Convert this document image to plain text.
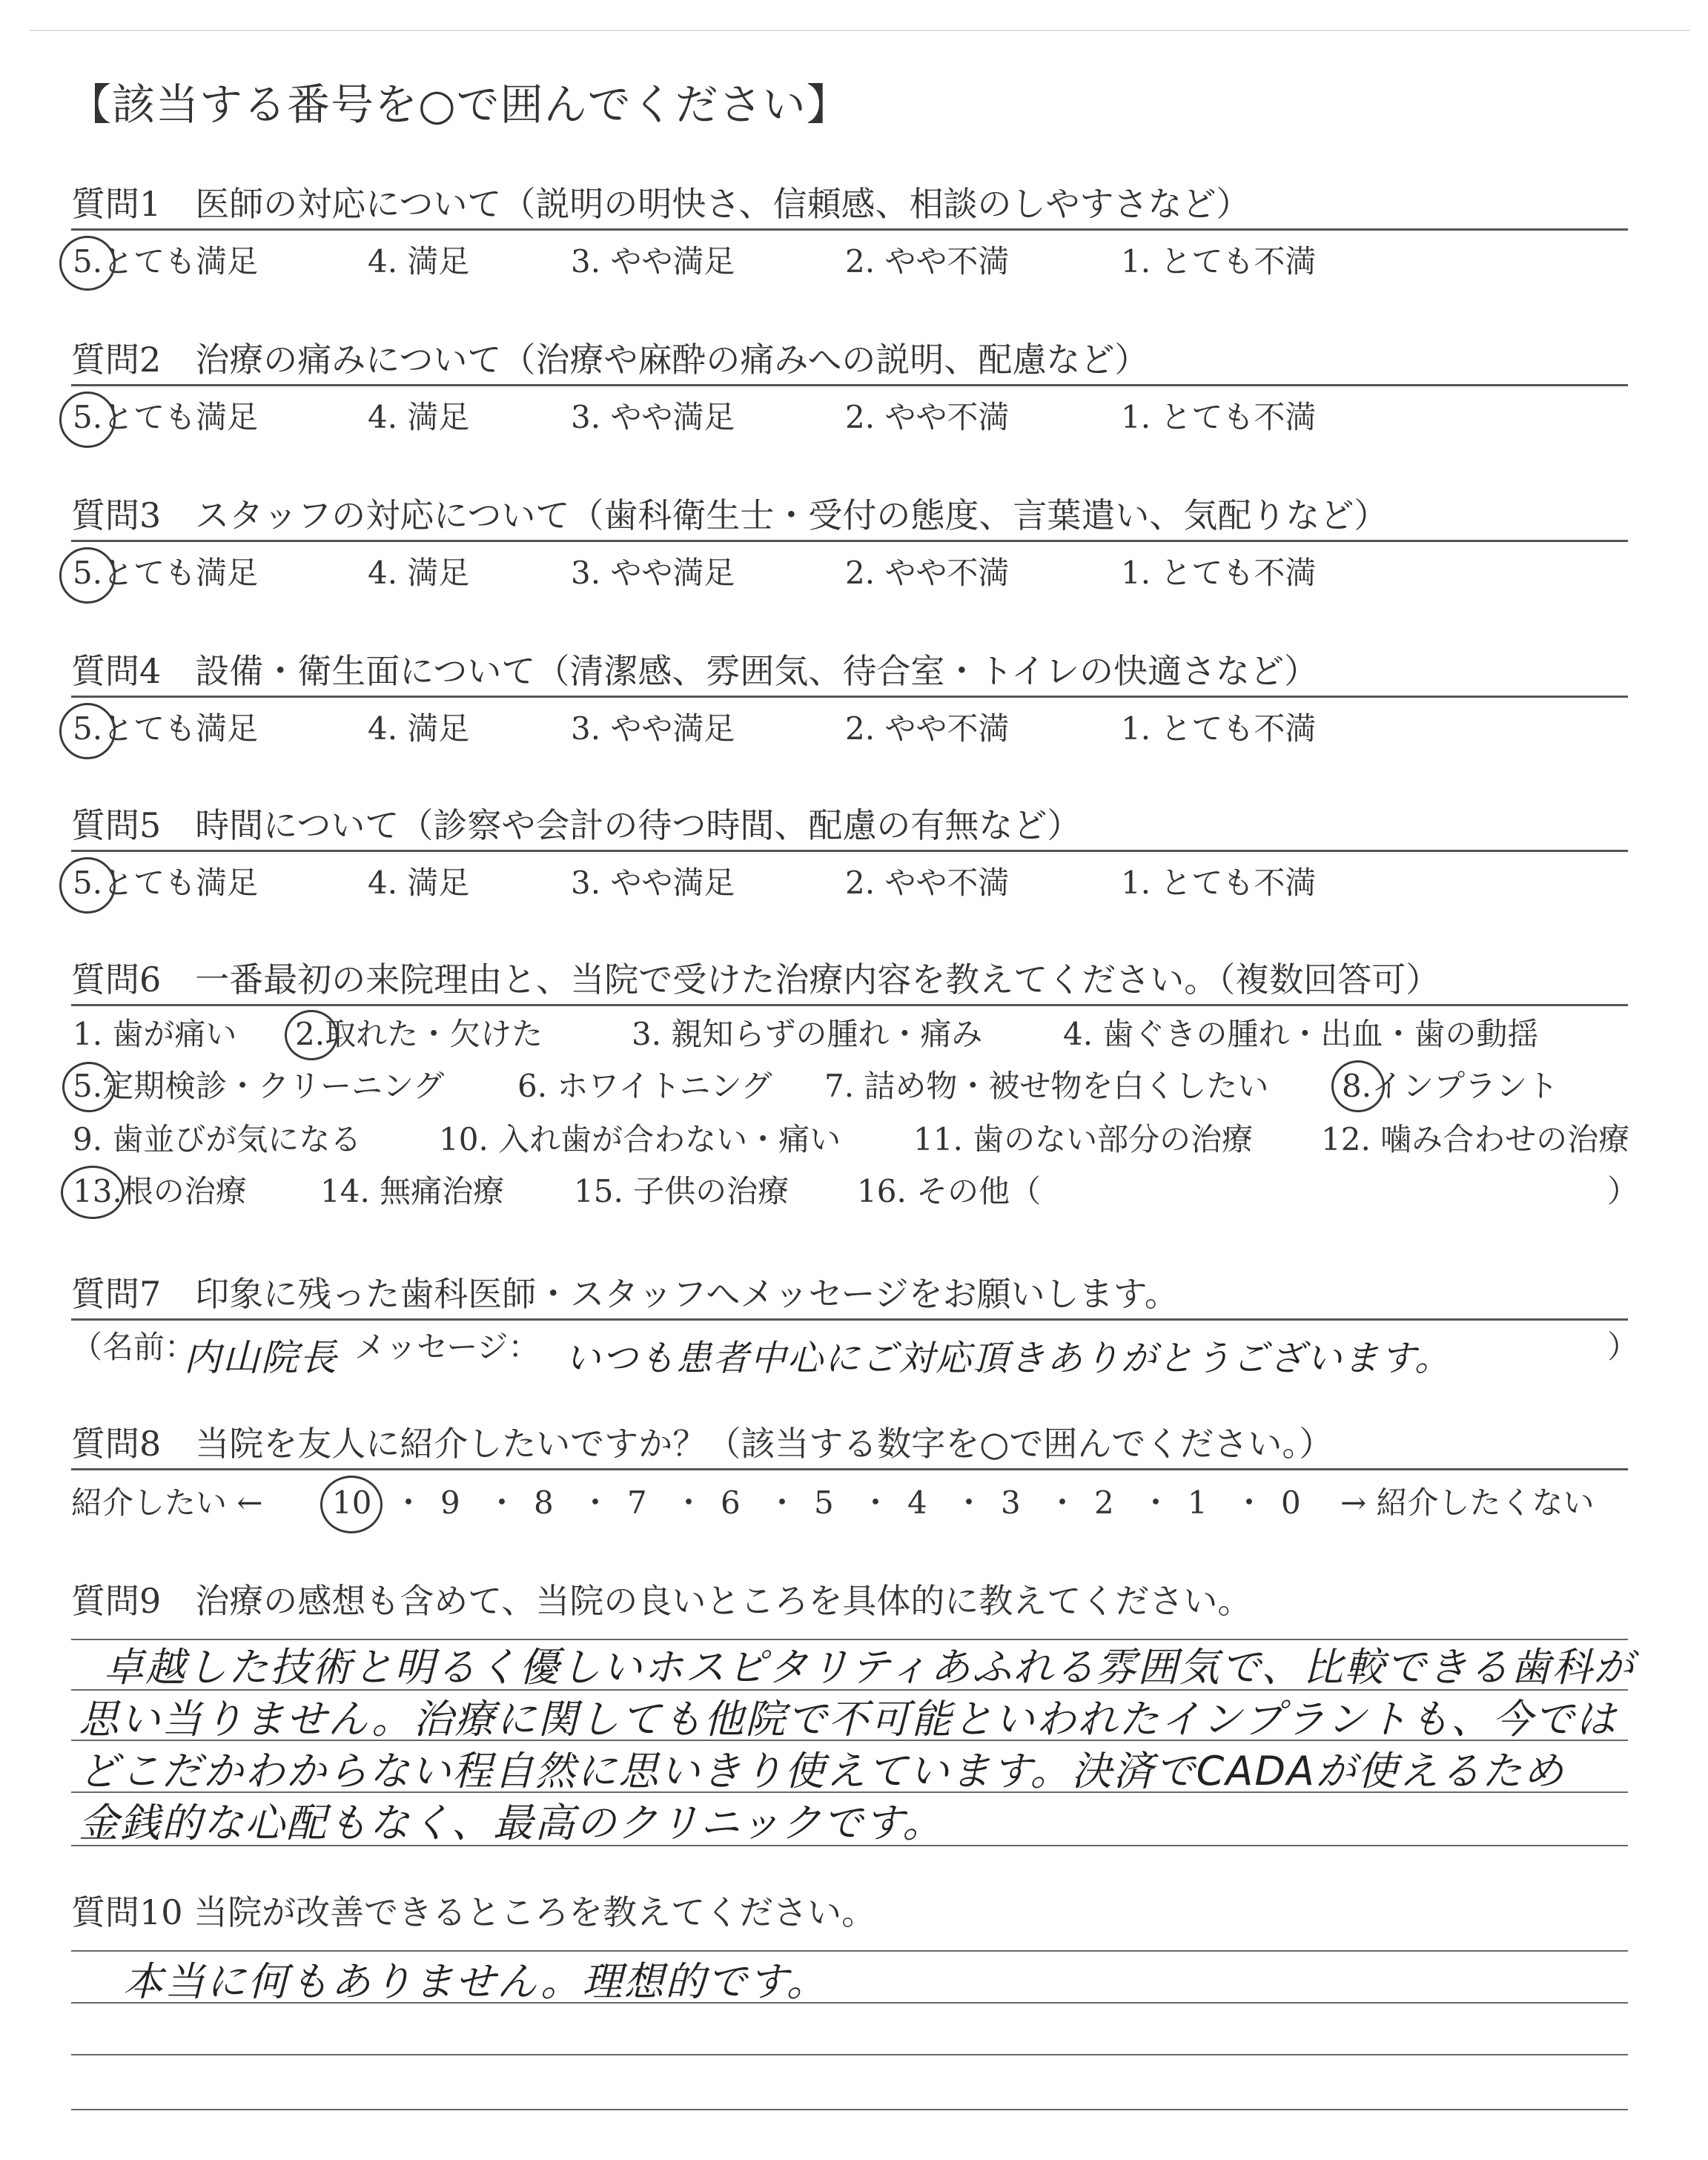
【該当する番号を○で囲んでください】
質問1　医師の対応について（説明の明快さ、信頼感、相談のしやすさなど）
5.とても満足	4. 満足	3. やや満足	2. やや不満	1. とても不満
質問2　治療の痛みについて（治療や麻酔の痛みへの説明、配慮など）
5.とても満足	4. 満足	3. やや満足	2. やや不満	1. とても不満
質問3　スタッフの対応について（歯科衛生士・受付の態度、言葉遣い、気配りなど）
5.とても満足	4. 満足	3. やや満足	2. やや不満	1. とても不満
質問4　設備・衛生面について（清潔感、雰囲気、待合室・トイレの快適さなど）
5.とても満足	4. 満足	3. やや満足	2. やや不満	1. とても不満
質問5　時間について（診察や会計の待つ時間、配慮の有無など）
5.とても満足	4. 満足	3. やや満足	2. やや不満	1. とても不満
質問6　一番最初の来院理由と、当院で受けた治療内容を教えてください。（複数回答可）
1. 歯が痛い 2.取れた・欠けた	3. 親知らずの腫れ・痛み	4. 歯ぐきの腫れ・出血・歯の動揺
5.定期検診・クリーニング 6. ホワイトニング 7. 詰め物・被せ物を白くしたい 8.インプラント
9. 歯並びが気になる 10. 入れ歯が合わない・痛い 11. 歯のない部分の治療 12. 噛み合わせの治療
13.根の治療 14. 無痛治療 15. 子供の治療 16. その他（	）
質問7　印象に残った歯科医師・スタッフへメッセージをお願いします。
（名前：
内山院長 メッセージ： いつも患者中心にご対応頂きありがとうございます。	）
質問8　当院を友人に紹介したいですか？（該当する数字を○で囲んでください。）
紹介したい ← 10 ・ 9 ・ 8 ・ 7 ・ 6 ・ 5 ・ 4 ・ 3 ・ 2 ・ 1 ・ 0 → 紹介したくない
質問9　治療の感想も含めて、当院の良いところを具体的に教えてください。
卓越した技術と明るく優しいホスピタリティあふれる雰囲気で、比較できる歯科が
思い当りません。治療に関しても他院で不可能といわれたインプラントも、今では
どこだかわからない程自然に思いきり使えています。決済でCADAが使えるため
金銭的な心配もなく、最高のクリニックです。
質問10 当院が改善できるところを教えてください。
本当に何もありません。理想的です。
